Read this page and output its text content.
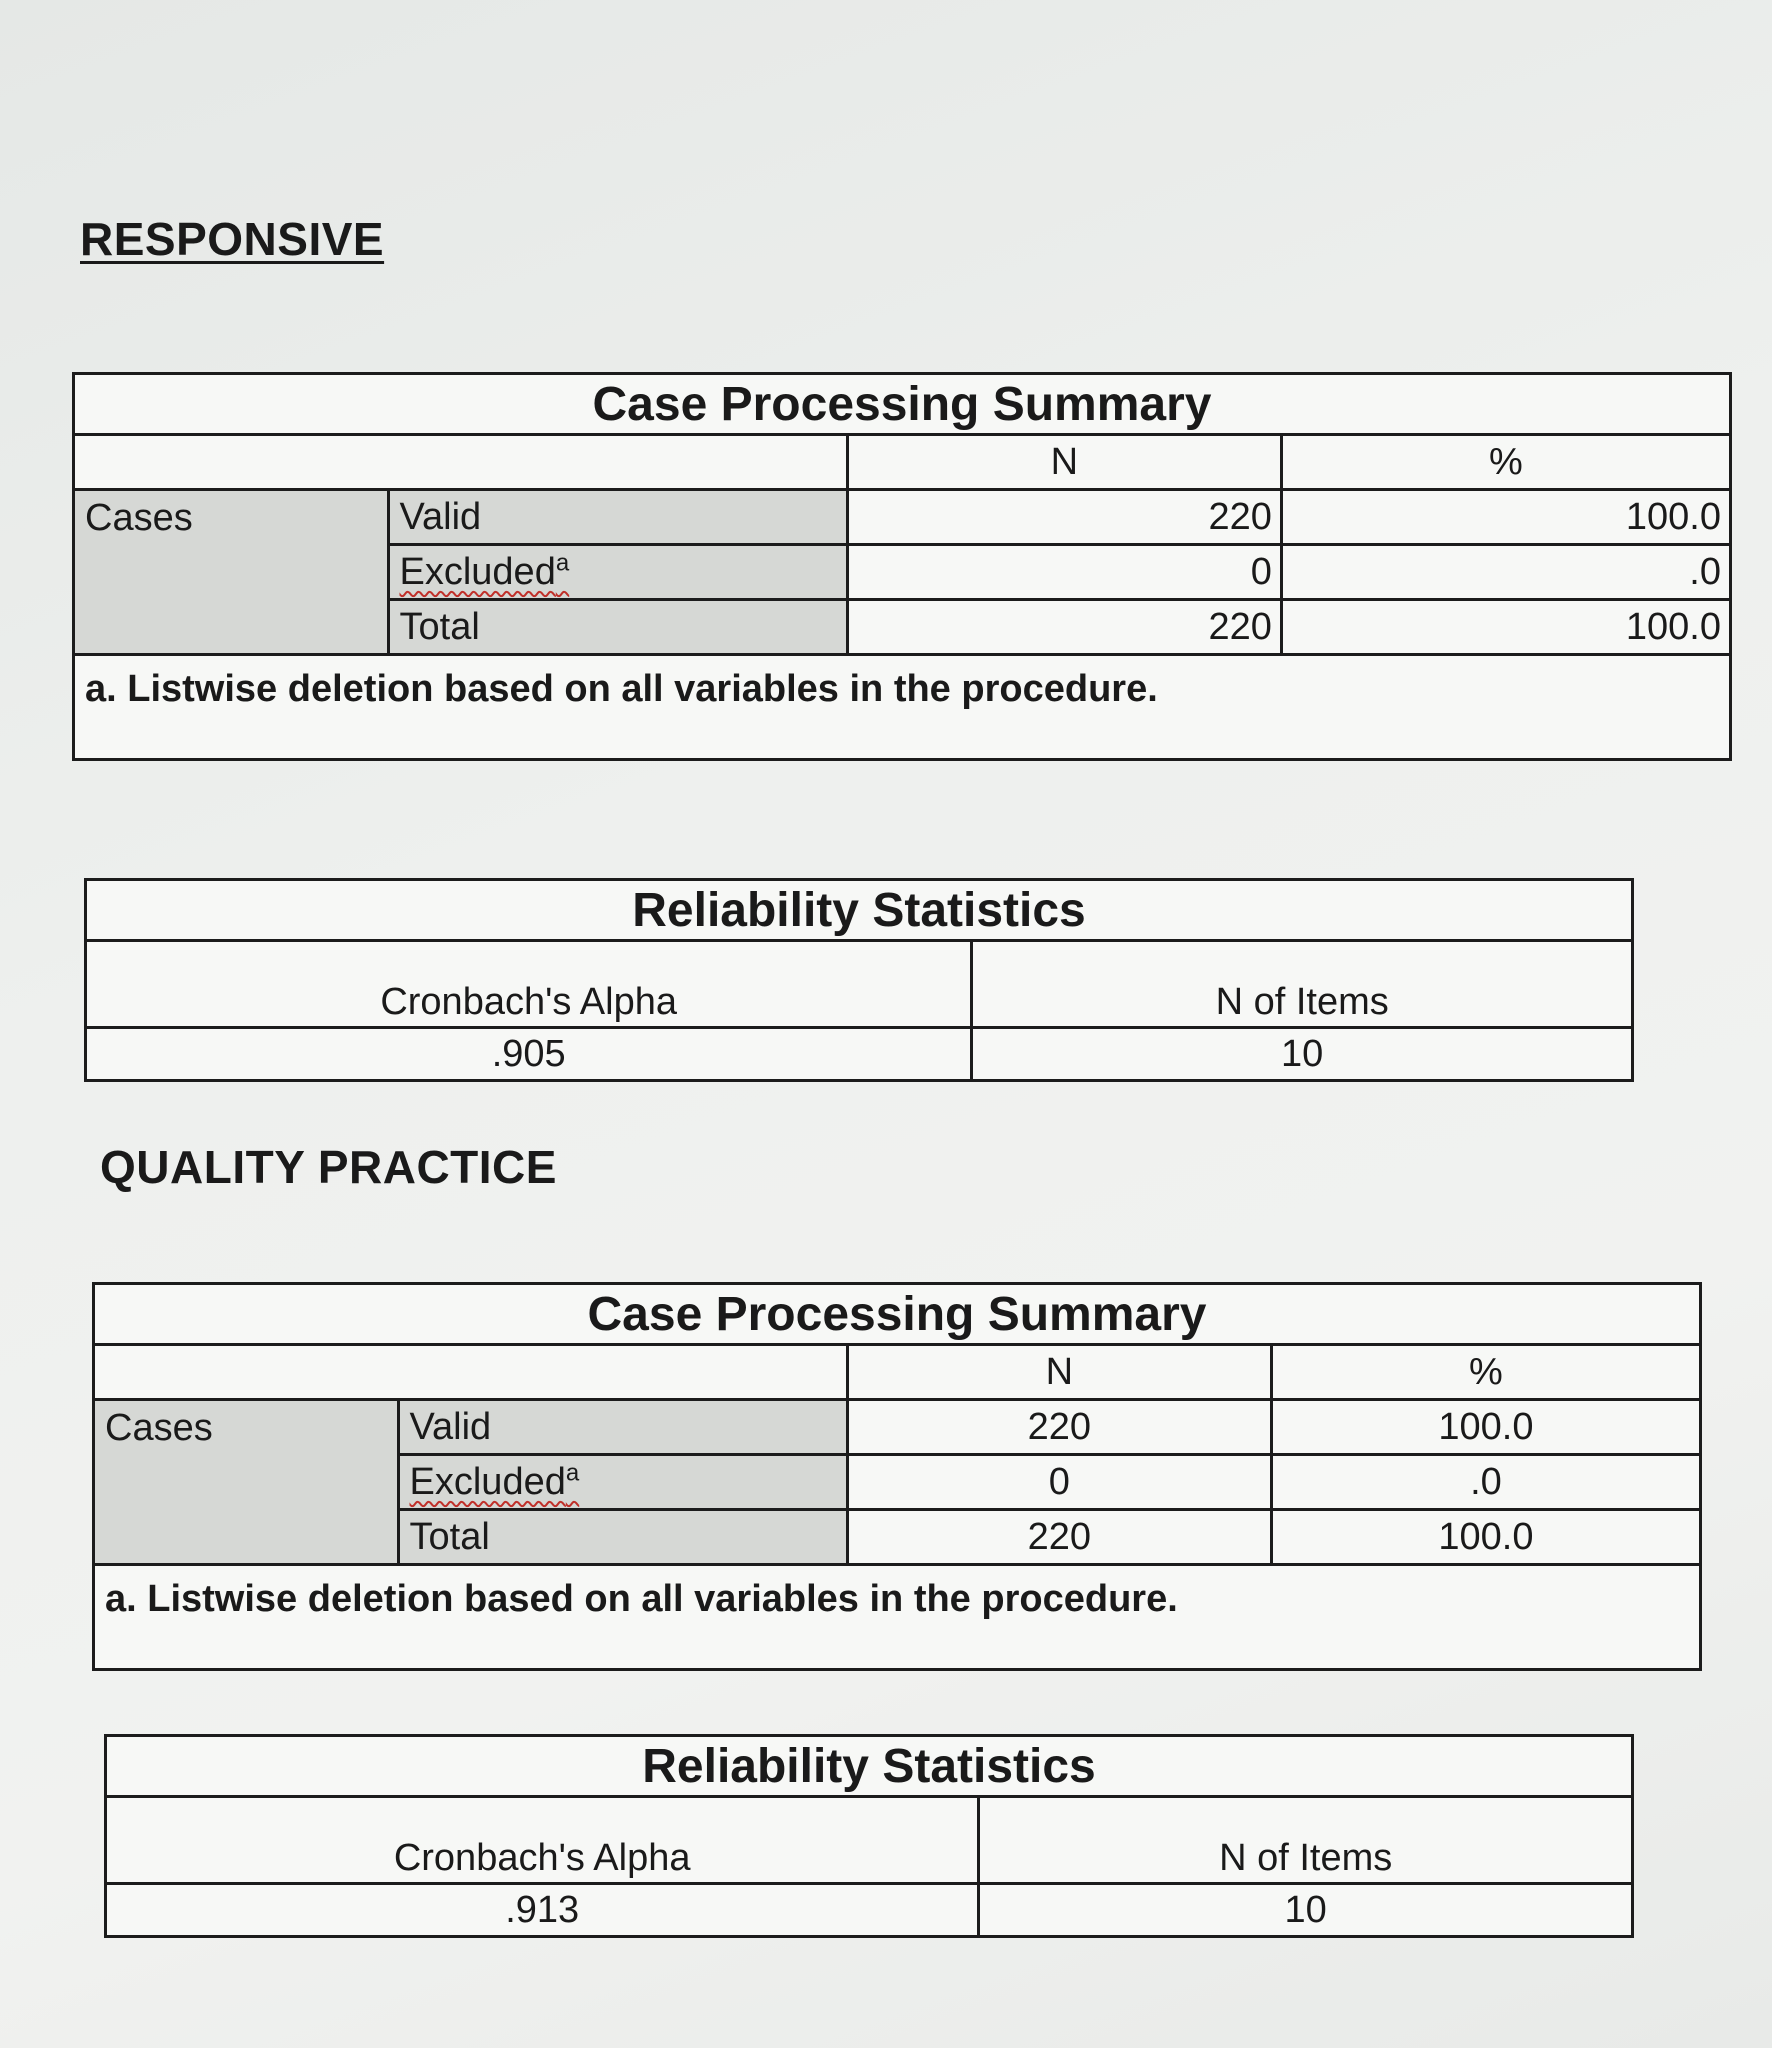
RESPONSIVE
Case Processing Summary			
		N	%
Cases	Valid	220	100.0
	Excluded$^a$	0	.0
	Total	220	100.0
a. Listwise deletion based on all variables in the procedure.			
Reliability Statistics	
Cronbach's Alpha	N of Items
.905	10
QUALITY PRACTICE
Case Processing Summary			
		N	%
Cases	Valid	220	100.0
	Excluded$^a$	0	.0
	Total	220	100.0
a. Listwise deletion based on all variables in the procedure.			
Reliability Statistics	
Cronbach's Alpha	N of Items
.913	10
